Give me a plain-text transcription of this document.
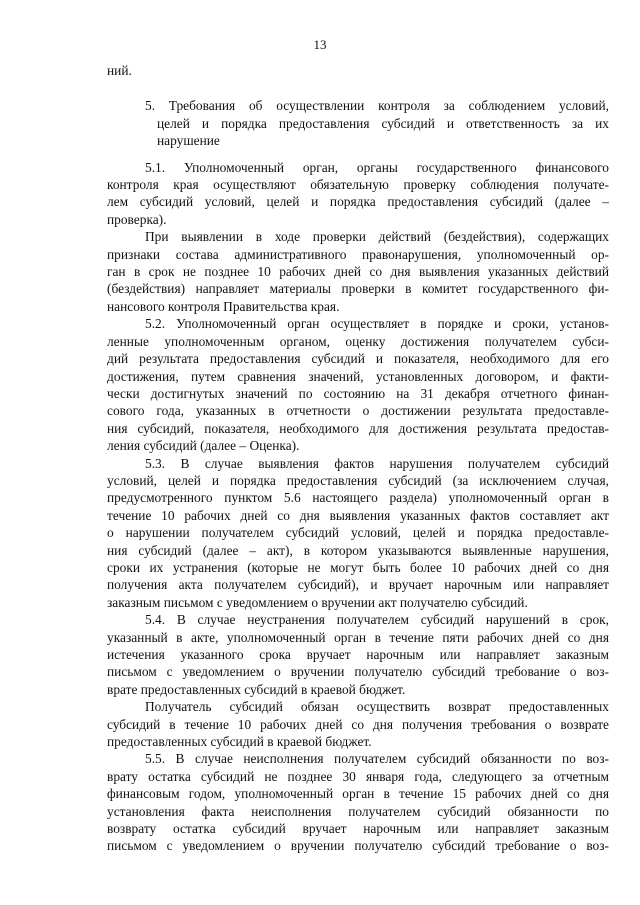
13

ний.

5. Требования об осуществлении контроля за соблюдением условий,
целей и порядка предоставления субсидий и ответственность за их
нарушение

5.1. Уполномоченный орган, органы государственного финансового
контроля края осуществляют обязательную проверку соблюдения получате-
лем субсидий условий, целей и порядка предоставления субсидий (далее –
проверка).

При выявлении в ходе проверки действий (бездействия), содержащих
признаки состава административного правонарушения, уполномоченный ор-
ган в срок не позднее 10 рабочих дней со дня выявления указанных действий
(бездействия) направляет материалы проверки в комитет государственного фи-
нансового контроля Правительства края.

5.2. Уполномоченный орган осуществляет в порядке и сроки, установ-
ленные уполномоченным органом, оценку достижения получателем субси-
дий результата предоставления субсидий и показателя, необходимого для его
достижения, путем сравнения значений, установленных договором, и факти-
чески достигнутых значений по состоянию на 31 декабря отчетного финан-
сового года, указанных в отчетности о достижении результата предоставле-
ния субсидий, показателя, необходимого для достижения результата предостав-
ления субсидий (далее – Оценка).

5.3. В случае выявления фактов нарушения получателем субсидий
условий, целей и порядка предоставления субсидий (за исключением случая,
предусмотренного пунктом 5.6 настоящего раздела) уполномоченный орган в
течение 10 рабочих дней со дня выявления указанных фактов составляет акт
о нарушении получателем субсидий условий, целей и порядка предоставле-
ния субсидий (далее – акт), в котором указываются выявленные нарушения,
сроки их устранения (которые не могут быть более 10 рабочих дней со дня
получения акта получателем субсидий), и вручает нарочным или направляет
заказным письмом с уведомлением о вручении акт получателю субсидий.

5.4. В случае неустранения получателем субсидий нарушений в срок,
указанный в акте, уполномоченный орган в течение пяти рабочих дней со дня
истечения указанного срока вручает нарочным или направляет заказным
письмом с уведомлением о вручении получателю субсидий требование о воз-
врате предоставленных субсидий в краевой бюджет.

Получатель субсидий обязан осуществить возврат предоставленных
субсидий в течение 10 рабочих дней со дня получения требования о возврате
предоставленных субсидий в краевой бюджет.

5.5. В случае неисполнения получателем субсидий обязанности по воз-
врату остатка субсидий не позднее 30 января года, следующего за отчетным
финансовым годом, уполномоченный орган в течение 15 рабочих дней со дня
установления факта неисполнения получателем субсидий обязанности по
возврату остатка субсидий вручает нарочным или направляет заказным
письмом с уведомлением о вручении получателю субсидий требование о воз-
